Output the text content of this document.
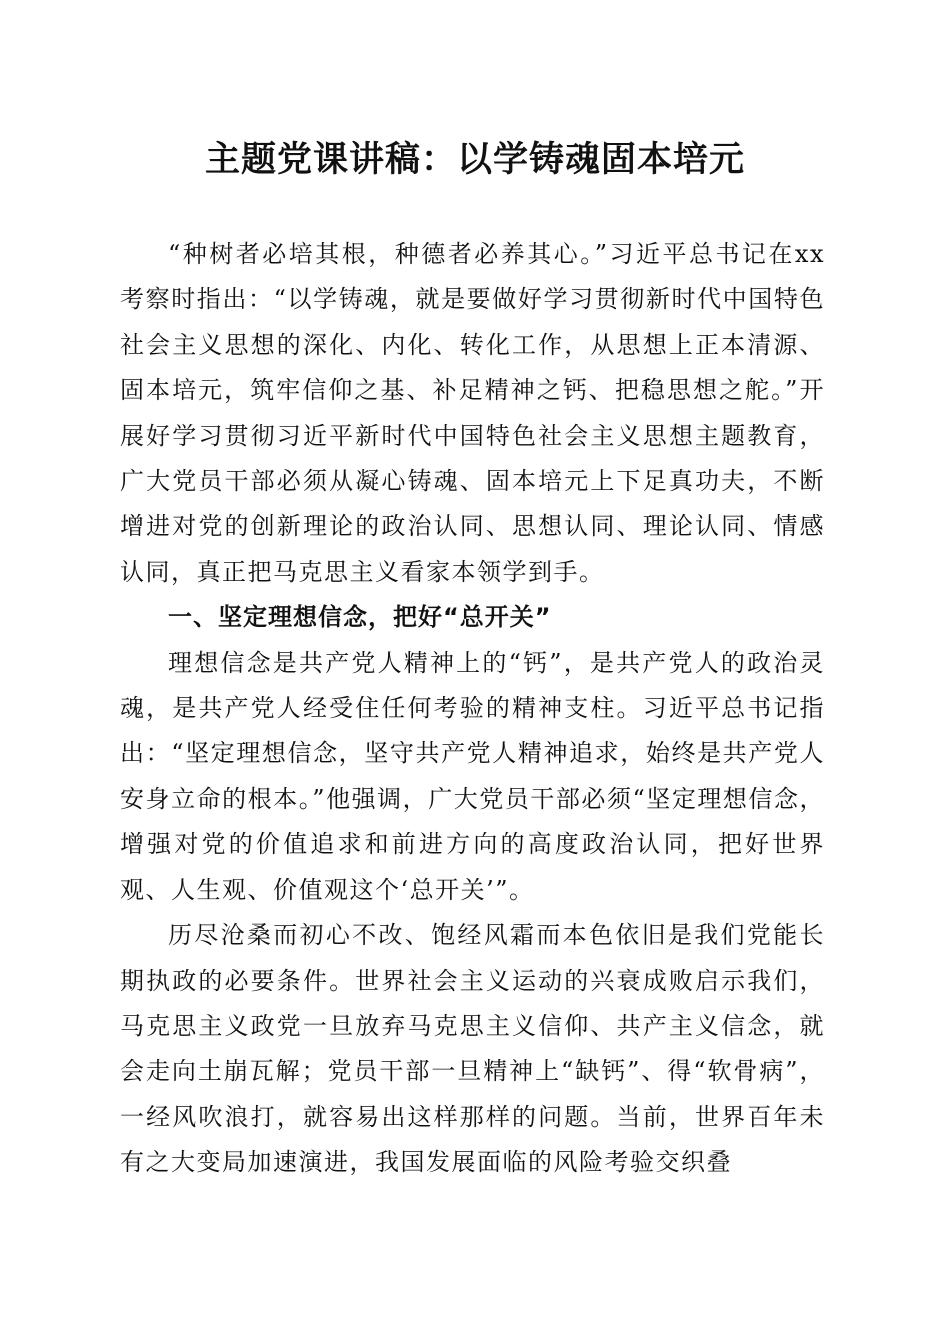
主题党课讲稿：以学铸魂固本培元

“种树者必培其根，种德者必养其心。”习近平总书记在xx考察时指出：“以学铸魂，就是要做好学习贯彻新时代中国特色社会主义思想的深化、内化、转化工作，从思想上正本清源、固本培元，筑牢信仰之基、补足精神之钙、把稳思想之舵。”开展好学习贯彻习近平新时代中国特色社会主义思想主题教育，广大党员干部必须从凝心铸魂、固本培元上下足真功夫，不断增进对党的创新理论的政治认同、思想认同、理论认同、情感认同，真正把马克思主义看家本领学到手。

一、坚定理想信念，把好“总开关”

理想信念是共产党人精神上的“钙”，是共产党人的政治灵魂，是共产党人经受住任何考验的精神支柱。习近平总书记指出：“坚定理想信念，坚守共产党人精神追求，始终是共产党人安身立命的根本。”他强调，广大党员干部必须“坚定理想信念，增强对党的价值追求和前进方向的高度政治认同，把好世界观、人生观、价值观这个‘总开关’”。

历尽沧桑而初心不改、饱经风霜而本色依旧是我们党能长期执政的必要条件。世界社会主义运动的兴衰成败启示我们，马克思主义政党一旦放弃马克思主义信仰、共产主义信念，就会走向土崩瓦解；党员干部一旦精神上“缺钙”、得“软骨病”，一经风吹浪打，就容易出这样那样的问题。当前，世界百年未有之大变局加速演进，我国发展面临的风险考验交织叠
